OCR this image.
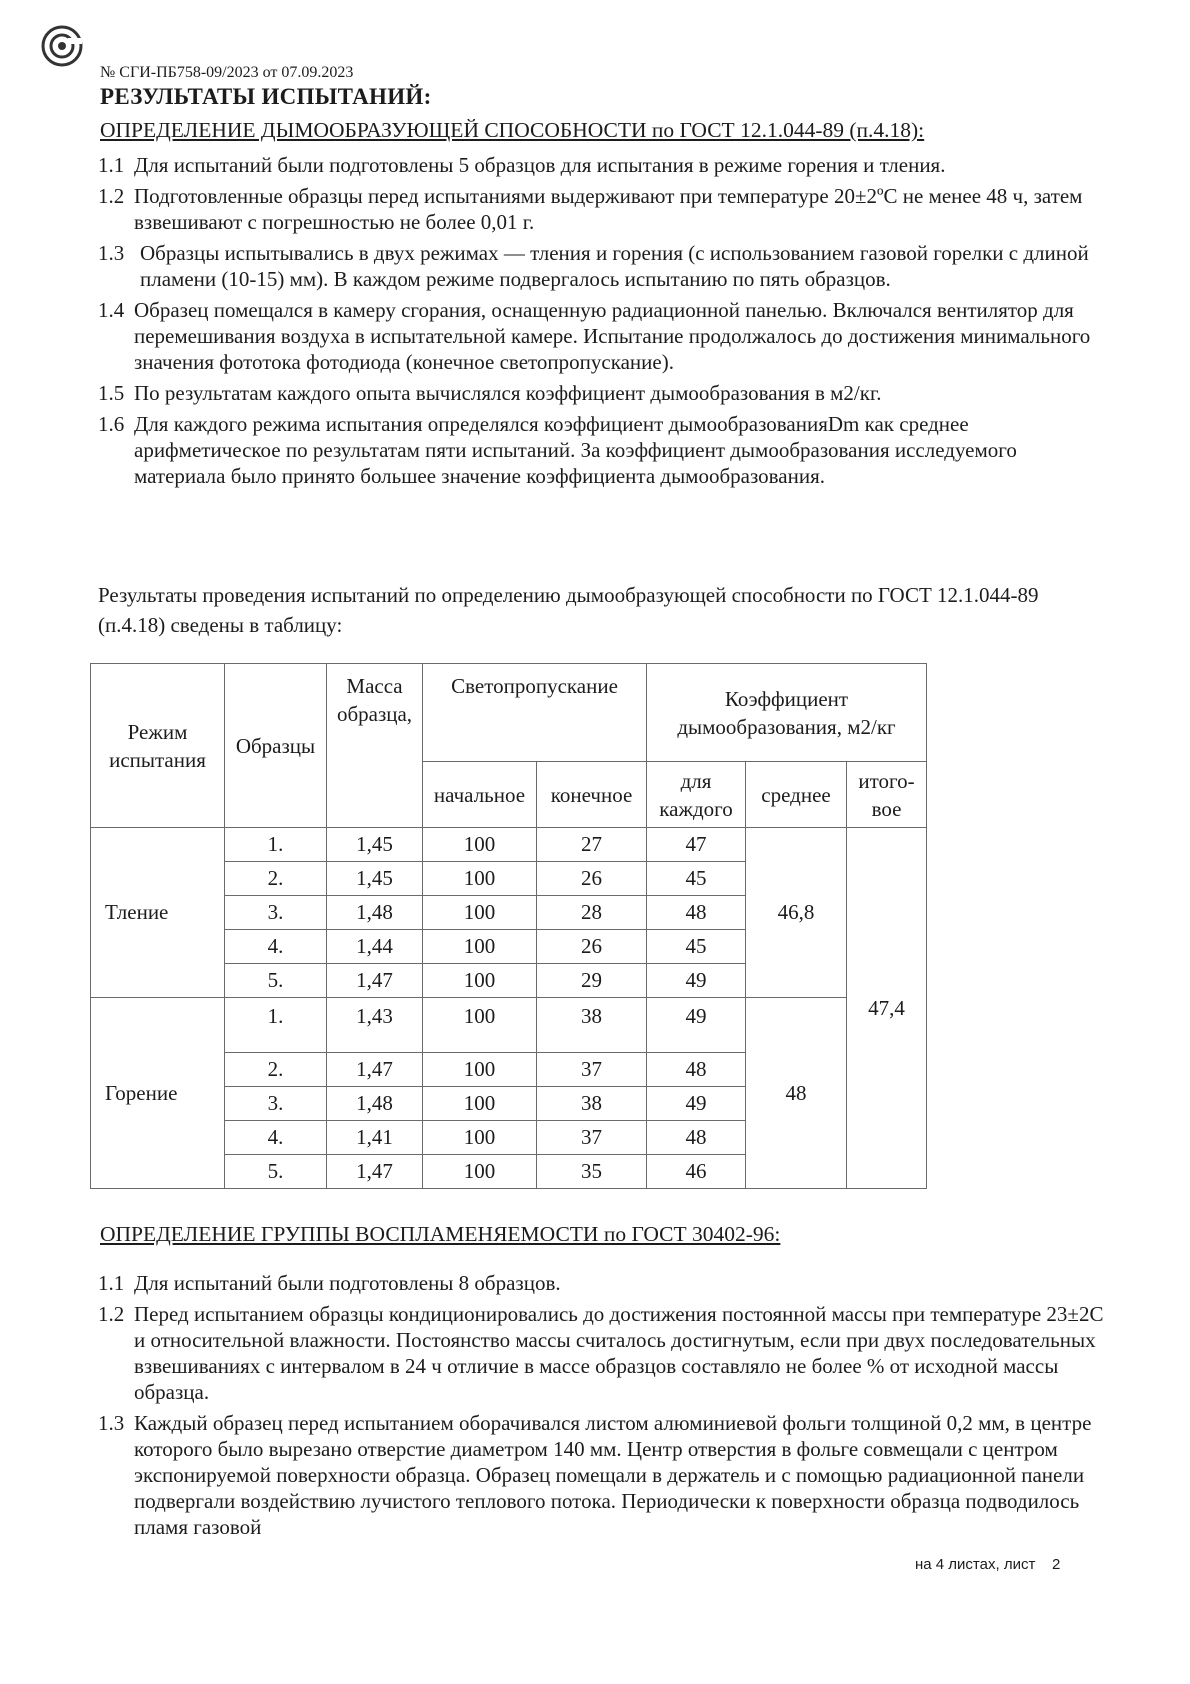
№ СГИ-ПБ758-09/2023 от 07.09.2023
РЕЗУЛЬТАТЫ ИСПЫТАНИЙ:
ОПРЕДЕЛЕНИЕ ДЫМООБРАЗУЮЩЕЙ СПОСОБНОСТИ по ГОСТ 12.1.044-89 (п.4.18):
1.1 Для испытаний были подготовлены 5 образцов для испытания в режиме горения и тления.
1.2 Подготовленные образцы перед испытаниями выдерживают при температуре 20±2ºС не менее 48 ч, затем взвешивают с погрешностью не более 0,01 г.
1.3 Образцы испытывались в двух режимах — тления и горения (с использованием газовой горелки с длиной пламени (10-15) мм). В каждом режиме подвергалось испытанию по пять образцов.
1.4 Образец помещался в камеру сгорания, оснащенную радиационной панелью. Включался вентилятор для перемешивания воздуха в испытательной камере. Испытание продолжалось до достижения минимального значения фототока фотодиода (конечное светопропускание).
1.5 По результатам каждого опыта вычислялся коэффициент дымообразования в м2/кг.
1.6 Для каждого режима испытания определялся коэффициент дымообразованияDm как среднее арифметическое по результатам пяти испытаний. За коэффициент дымообразования исследуемого материала было принято большее значение коэффициента дымообразования.
Результаты проведения испытаний по определению дымообразующей способности по ГОСТ 12.1.044-89 (п.4.18) сведены в таблицу:
Режим испытания	Образцы	Масса образца,	Светопропускание		Коэффициент дымообразования, м2/кг		
			начальное	конечное	для каждого	среднее	итого-вое
Тление	1.	1,45	100	27	47	46,8	47,4
	2.	1,45	100	26	45		
	3.	1,48	100	28	48		
	4.	1,44	100	26	45		
	5.	1,47	100	29	49		
Горение	1.	1,43	100	38	49	48	
	2.	1,47	100	37	48		
	3.	1,48	100	38	49		
	4.	1,41	100	37	48		
	5.	1,47	100	35	46		
ОПРЕДЕЛЕНИЕ ГРУППЫ ВОСПЛАМЕНЯЕМОСТИ по ГОСТ 30402-96:
1.1 Для испытаний были подготовлены 8 образцов.
1.2 Перед испытанием образцы кондиционировались до достижения постоянной массы при температуре 23±2С и относительной влажности. Постоянство массы считалось достигнутым, если при двух последовательных взвешиваниях с интервалом в 24 ч отличие в массе образцов составляло не более % от исходной массы образца.
1.3 Каждый образец перед испытанием оборачивался листом алюминиевой фольги толщиной 0,2 мм, в центре которого было вырезано отверстие диаметром 140 мм. Центр отверстия в фольге совмещали с центром экспонируемой поверхности образца. Образец помещали в держатель и с помощью радиационной панели подвергали воздействию лучистого теплового потока. Периодически к поверхности образца подводилось пламя газовой
на 4 листах, лист 2
